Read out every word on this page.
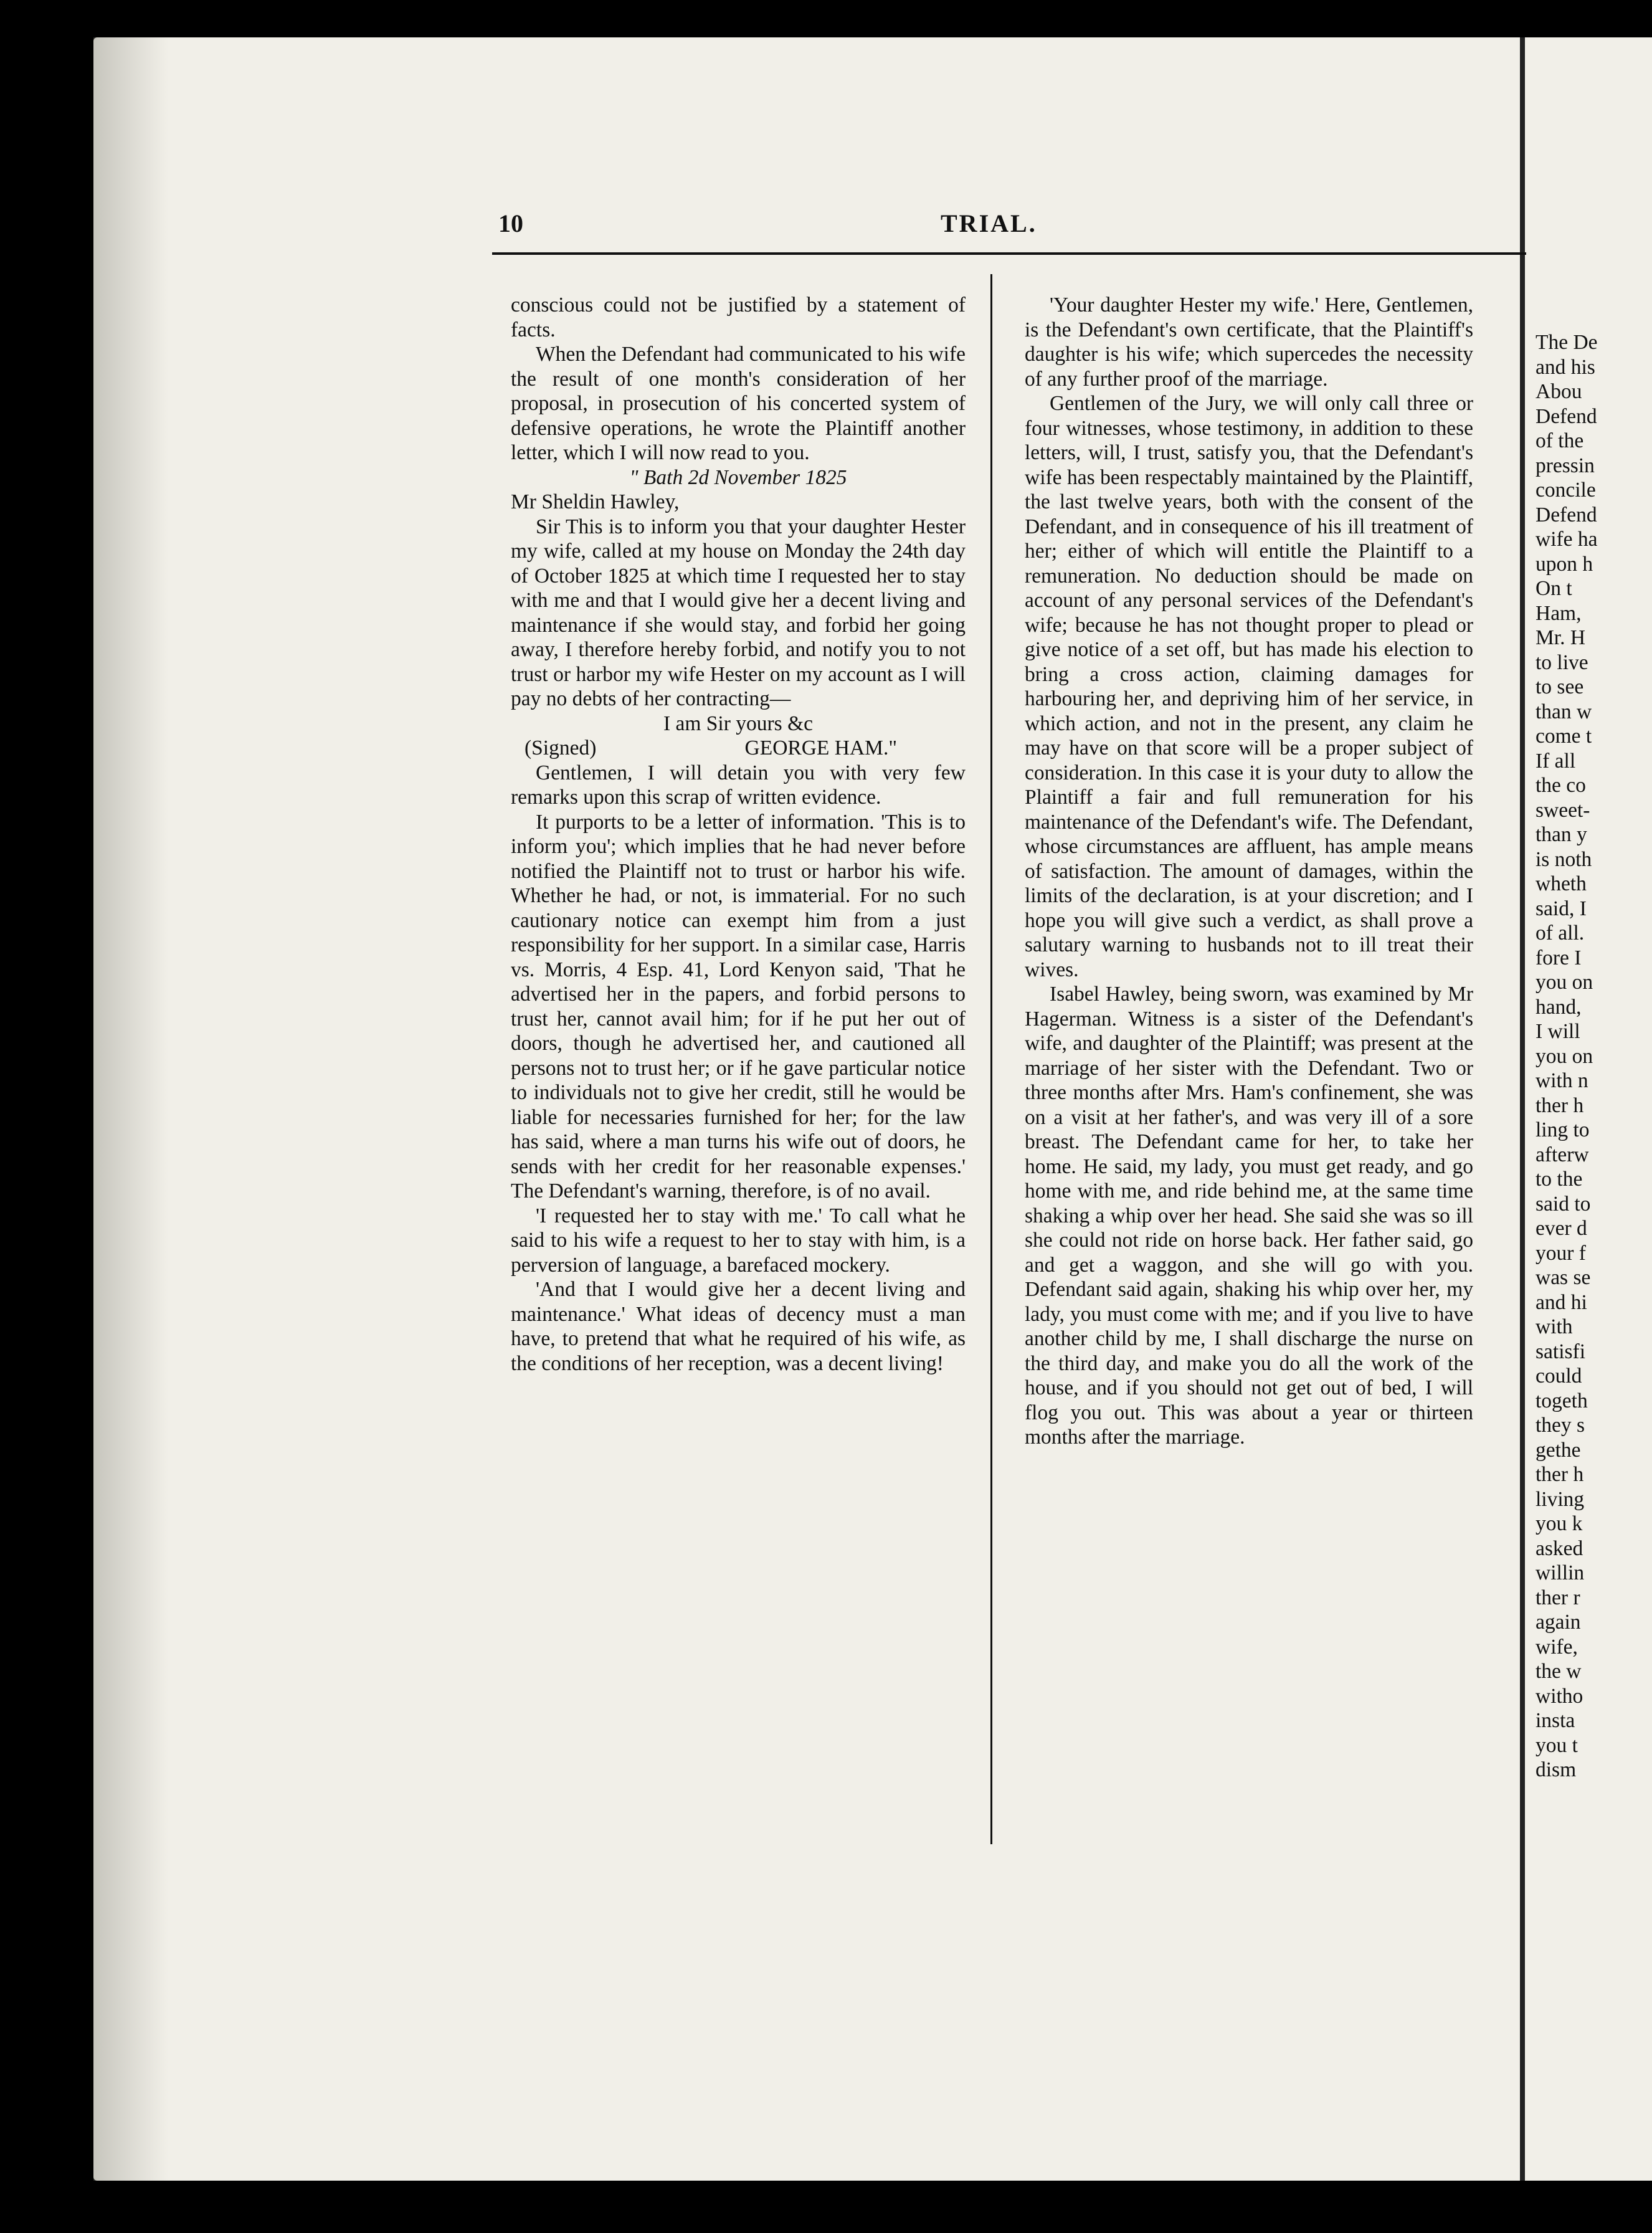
The De
and his
Abou
Defend
of the
pressin
concile
Defend
wife ha
upon h
On t
Ham,
Mr. H
to live
to see
than w
come t
If all
the co
sweet-
than y
is noth
wheth
said, I
of all.
fore I
you on
hand,
I will
you on
with n
ther h
ling to
afterw
to the
said to
ever d
your f
was se
and hi
with
satisfi
could
togeth
they s
gethe
ther h
living
you k
asked
willin
ther r
again
wife,
the w
witho
insta
you t
dism
10	TRIAL.

conscious could not be justified by a statement of facts.

When the Defendant had communicated to his wife the result of one month's consideration of her proposal, in prosecution of his concerted system of defensive operations, he wrote the Plaintiff another letter, which I will now read to you.

" Bath 2d November 1825

Mr Sheldin Hawley,

Sir This is to inform you that your daughter Hester my wife, called at my house on Monday the 24th day of October 1825 at which time I requested her to stay with me and that I would give her a decent living and maintenance if she would stay, and forbid her going away, I therefore hereby forbid, and notify you to not trust or harbor my wife Hester on my account as I will pay no debts of her contracting—

I am Sir yours &c

(Signed)	GEORGE HAM."

Gentlemen, I will detain you with very few remarks upon this scrap of written evidence.

It purports to be a letter of information. 'This is to inform you'; which implies that he had never before notified the Plaintiff not to trust or harbor his wife. Whether he had, or not, is immaterial. For no such cautionary notice can exempt him from a just responsibility for her support. In a similar case, Harris vs. Morris, 4 Esp. 41, Lord Kenyon said, 'That he advertised her in the papers, and forbid persons to trust her, cannot avail him; for if he put her out of doors, though he advertised her, and cautioned all persons not to trust her; or if he gave particular notice to individuals not to give her credit, still he would be liable for necessaries furnished for her; for the law has said, where a man turns his wife out of doors, he sends with her credit for her reasonable expenses.' The Defendant's warning, therefore, is of no avail.

'I requested her to stay with me.' To call what he said to his wife a request to her to stay with him, is a perversion of language, a barefaced mockery.

'And that I would give her a decent living and maintenance.' What ideas of decency must a man have, to pretend that what he required of his wife, as the conditions of her reception, was a decent living!

'Your daughter Hester my wife.' Here, Gentlemen, is the Defendant's own certificate, that the Plaintiff's daughter is his wife; which supercedes the necessity of any further proof of the marriage.

Gentlemen of the Jury, we will only call three or four witnesses, whose testimony, in addition to these letters, will, I trust, satisfy you, that the Defendant's wife has been respectably maintained by the Plaintiff, the last twelve years, both with the consent of the Defendant, and in consequence of his ill treatment of her; either of which will entitle the Plaintiff to a remuneration. No deduction should be made on account of any personal services of the Defendant's wife; because he has not thought proper to plead or give notice of a set off, but has made his election to bring a cross action, claiming damages for harbouring her, and depriving him of her service, in which action, and not in the present, any claim he may have on that score will be a proper subject of consideration. In this case it is your duty to allow the Plaintiff a fair and full remuneration for his maintenance of the Defendant's wife. The Defendant, whose circumstances are affluent, has ample means of satisfaction. The amount of damages, within the limits of the declaration, is at your discretion; and I hope you will give such a verdict, as shall prove a salutary warning to husbands not to ill treat their wives.

Isabel Hawley, being sworn, was examined by Mr Hagerman. Witness is a sister of the Defendant's wife, and daughter of the Plaintiff; was present at the marriage of her sister with the Defendant. Two or three months after Mrs. Ham's confinement, she was on a visit at her father's, and was very ill of a sore breast. The Defendant came for her, to take her home. He said, my lady, you must get ready, and go home with me, and ride behind me, at the same time shaking a whip over her head. She said she was so ill she could not ride on horse back. Her father said, go and get a waggon, and she will go with you. Defendant said again, shaking his whip over her, my lady, you must come with me; and if you live to have another child by me, I shall discharge the nurse on the third day, and make you do all the work of the house, and if you should not get out of bed, I will flog you out. This was about a year or thirteen months after the marriage.
